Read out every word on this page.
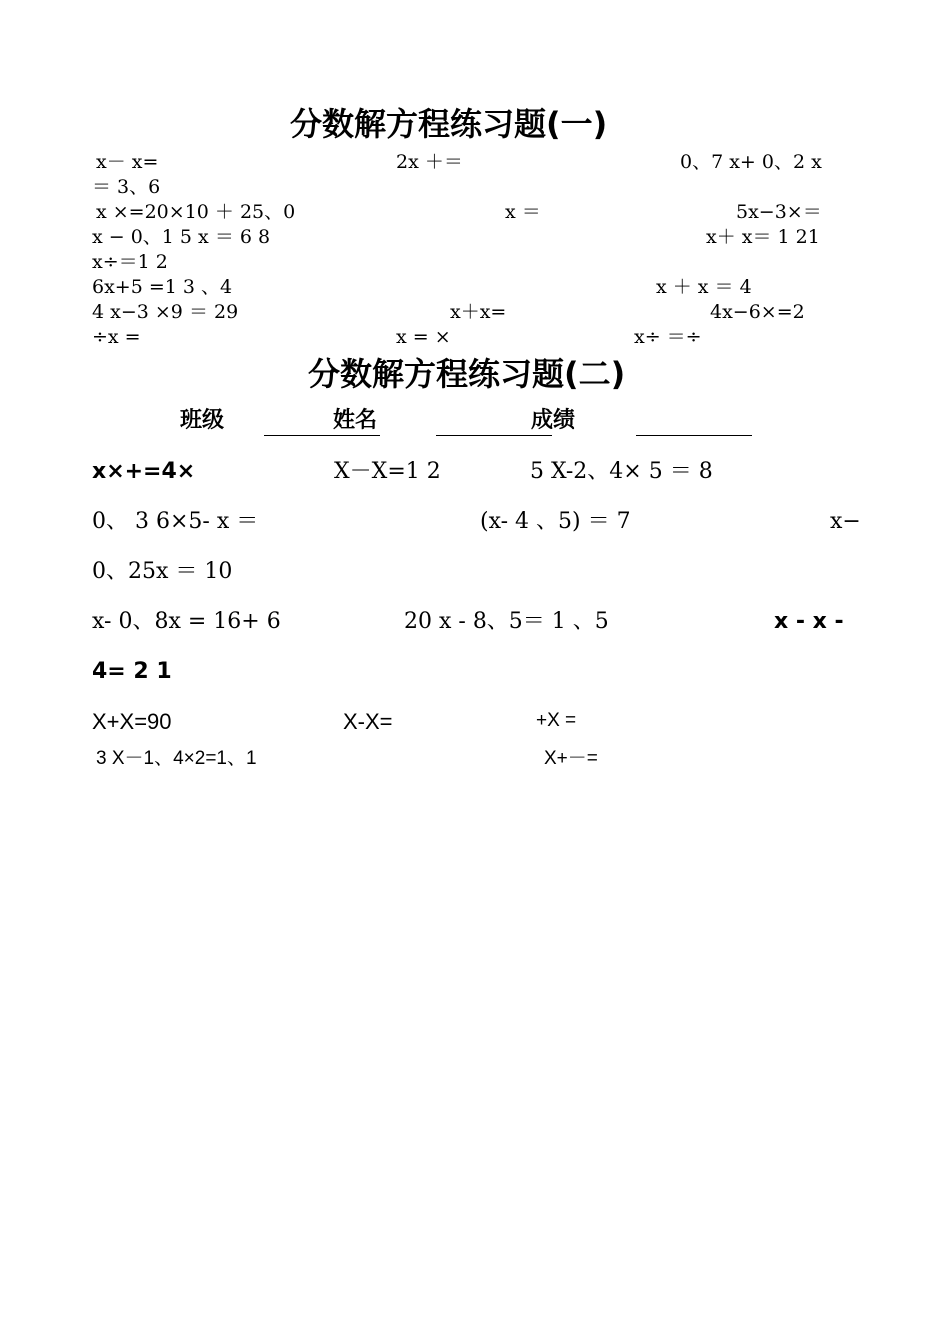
分数解方程练习题(一)
x－ x=	2x ＋＝	0、7 x+ 0、2 x
＝ 3、6
x ×=20×10 ＋ 25、0	x ＝	5x−3×＝
x − 0、1 5 x ＝ 6 8	x＋ x＝ 1 21
x÷＝1 2
6x+5 =1 3 、4	x ＋ x ＝ 4
4 x−3 ×9 ＝ 29	x＋x=	4x−6×=2
÷x =	x = ×	x÷ ＝÷
分数解方程练习题(二)
班级	姓名	成绩
x×+=4×	X－X=1 2	5 X-2、4× 5 ＝ 8
0、 3 6×5- x ＝	(x- 4 、5) ＝ 7	x−
0、25x ＝ 10
x- 0、8x = 16+ 6	20 x - 8、5＝ 1 、5	x - x -
4= 2 1
X+X=90	X-X=	+X =
3 X－1、4×2=1、1	X+－=
